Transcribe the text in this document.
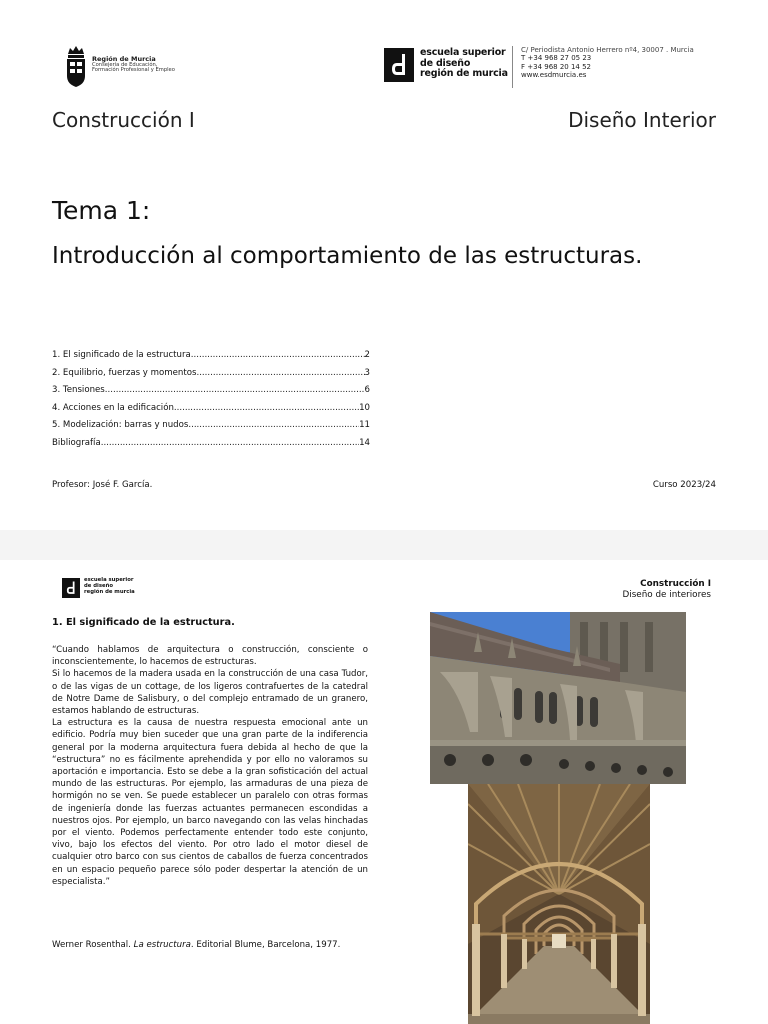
Región de Murcia
Consejería de Educación,
Formación Profesional y Empleo
escuela superior
de diseño
región de murcia
C/ Periodista Antonio Herrero nº4, 30007 . Murcia
T +34 968 27 05 23
F +34 968 20 14 52
www.esdmurcia.es
Construcción I	Diseño Interior
Tema 1:
Introducción al comportamiento de las estructuras.
1. El significado de la estructura .....	2
2. Equilibrio, fuerzas y momentos .....	3
3. Tensiones. .....	6
4. Acciones en la edificación. .....	10
5. Modelización: barras y nudos. .....	11
Bibliografía. .....	14
Profesor: José F. García.	Curso 2023/24
escuela superior
de diseño
región de murcia
Construcción I
Diseño de interiores
1. El significado de la estructura.

“Cuando hablamos de arquitectura o construcción, consciente o inconscientemente, lo hacemos de estructuras.

Si lo hacemos de la madera usada en la construcción de una casa Tudor, o de las vigas de un cottage, de los ligeros contrafuertes de la catedral de Notre Dame de Salisbury, o del complejo entramado de un granero, estamos hablando de estructuras.

La estructura es la causa de nuestra respuesta emocional ante un edificio. Podría muy bien suceder que una gran parte de la indiferencia general por la moderna arquitectura fuera debida al hecho de que la “estructura” no es fácilmente aprehendida y por ello no valoramos su aportación e importancia. Esto se debe a la gran sofisticación del actual mundo de las estructuras. Por ejemplo, las armaduras de una pieza de hormigón no se ven. Se puede establecer un paralelo con otras formas de ingeniería donde las fuerzas actuantes permanecen escondidas a nuestros ojos. Por ejemplo, un barco navegando con las velas hinchadas por el viento. Podemos perfectamente entender todo este conjunto, vivo, bajo los efectos del viento. Por otro lado el motor diesel de cualquier otro barco con sus cientos de caballos de fuerza concentrados en un espacio pequeño parece sólo poder despertar la atención de un especialista.”

Werner Rosenthal. La estructura. Editorial Blume, Barcelona, 1977.
